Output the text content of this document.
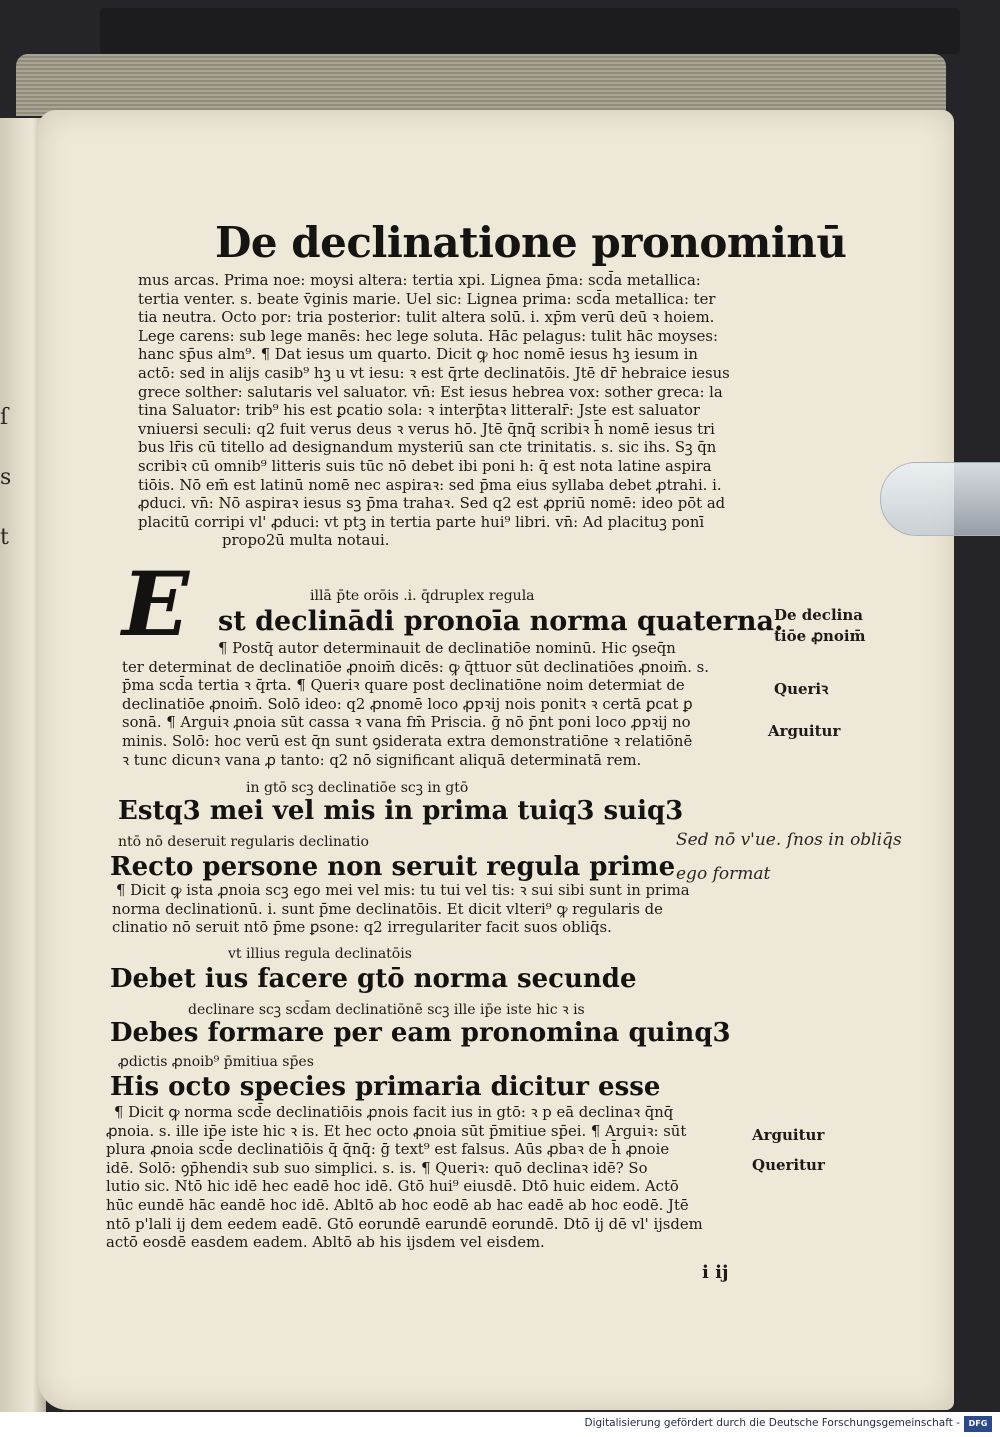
ſ
s
t
De declinatione pronominū

mus arcas. Prima noe: moysi altera: tertia xpi. Lignea p̄ma: scd̄a metallica:

tertia venter. s. beate v̄ginis marie. Uel sic: Lignea prima: scd̄a metallica: ter

tia neutra. Octo por: tria posterior: tulit altera solū. i. xp̄m verū deū ꝛ hoiem.

Lege carens: sub lege manēs: hec lege soluta. Hāc pelagus: tulit hāc moyses:

hanc sp̄us alm⁹. ¶ Dat iesus um quarto. Dicit ꝙ hoc nomē iesus hꝫ iesum in

actō: sed in alijs casib⁹ hꝫ u vt iesu: ꝛ est q̄rte declinatōis. Jtē dr̄ hebraice iesus

grece solther: salutaris vel saluator. vn̄: Est iesus hebrea vox: sother greca: la

tina Saluator: trib⁹ his est ꝑcatio sola: ꝛ interp̄taꝛ litteralr̄: Jste est saluator

vniuersi seculi: q2 fuit verus deus ꝛ verus hō. Jtē q̄nq̄ scribiꝛ h̄ nomē iesus tri

bus lr̄is cū titello ad designandum mysteriū san cte trinitatis. s. sic ihs. Sꝫ q̄n

scribiꝛ cū omnib⁹ litteris suis tūc nō debet ibi poni h: q̄ est nota latine aspira

tiōis. Nō em̄ est latinū nomē nec aspiraꝛ: sed p̄ma eius syllaba debet ꝓtrahi. i.

ꝓduci. vn̄: Nō aspiraꝛ iesus sꝫ p̄ma trahaꝛ. Sed q2 est ꝓpriū nomē: ideo pōt ad

placitū corripi vl' ꝓduci: vt ptꝫ in tertia parte hui⁹ libri. vn̄: Ad placituꝫ ponī

propo2ū multa notaui.

illā p̄te orōis .i. q̄druplex regula
E	st declinādi pronoīa norma quaterna.

¶ Postq̄ autor determinauit de declinatiōe nominū. Hic ꝯseq̄n

ter determinat de declinatiōe ꝓnoim̄ dicēs: ꝙ q̄ttuor sūt declinatiōes ꝓnoim̄. s.

p̄ma scd̄a tertia ꝛ q̄rta. ¶ Queriꝛ quare post declinatiōne noim determiat de

declinatiōe ꝓnoim̄. Solō ideo: q2 ꝓnomē loco ꝓpꝛij nois ponitꝛ ꝛ certā ꝑcat ꝑ

sonā. ¶ Arguiꝛ ꝓnoia sūt cassa ꝛ vana fm̄ Priscia. ḡ nō p̄nt poni loco ꝓpꝛij no

minis. Solō: hoc verū est q̄n sunt ꝯsiderata extra demonstratiōne ꝛ relatiōnē

ꝛ tunc dicunꝛ vana ꝓ tanto: q2 nō significant aliquā determinatā rem.

in gtō scꝫ declinatiōe scꝫ in gtō
Estq3 mei vel mis in prima tuiq3 suiq3
ntō nō deseruit regularis declinatio
Recto persone non seruit regula prime

¶ Dicit ꝙ ista ꝓnoia scꝫ ego mei vel mis: tu tui vel tis: ꝛ sui sibi sunt in prima

norma declinationū. i. sunt p̄me declinatōis. Et dicit vlteri⁹ ꝙ regularis de

clinatio nō seruit ntō p̄me ꝑsone: q2 irregulariter facit suos obliq̄s.

vt illius regula declinatōis
Debet ius facere gtō norma secunde
declinare scꝫ scd̄am declinatiōnē scꝫ ille ip̄e iste hic ꝛ is
Debes formare per eam pronomina quinq3
ꝓdictis ꝓnoib⁹ p̄mitiua sp̄es
His octo species primaria dicitur esse

¶ Dicit ꝙ norma scd̄e declinatiōis ꝓnois facit ius in gtō: ꝛ p eā declinaꝛ q̄nq̄

ꝓnoia. s. ille ip̄e iste hic ꝛ is. Et hec octo ꝓnoia sūt p̄mitiue sp̄ei. ¶ Arguiꝛ: sūt

plura ꝓnoia scd̄e declinatiōis q̄ q̄nq̄: ḡ text⁹ est falsus. Aūs ꝓbaꝛ de h̄ ꝓnoie

idē. Solō: ꝯp̄hendiꝛ sub suo simplici. s. is. ¶ Queriꝛ: quō declinaꝛ idē? So

lutio sic. Ntō hic idē hec eadē hoc idē. Gtō hui⁹ eiusdē. Dtō huic eidem. Actō

hūc eundē hāc eandē hoc idē. Abltō ab hoc eodē ab hac eadē ab hoc eodē. Jtē

ntō p'lali ij dem eedem eadē. Gtō eorundē earundē eorundē. Dtō ij dē vl' ijsdem

actō eosdē easdem eadem. Abltō ab his ijsdem vel eisdem.

De declina
tiōe ꝓnoim̄
Queriꝛ
Arguitur
Arguitur
Queritur
Sed nō v'ue. ſnos in obliq̄s
ego format
i ij
Digitalisierung gefördert durch die Deutsche Forschungsgemeinschaft -	DFG
